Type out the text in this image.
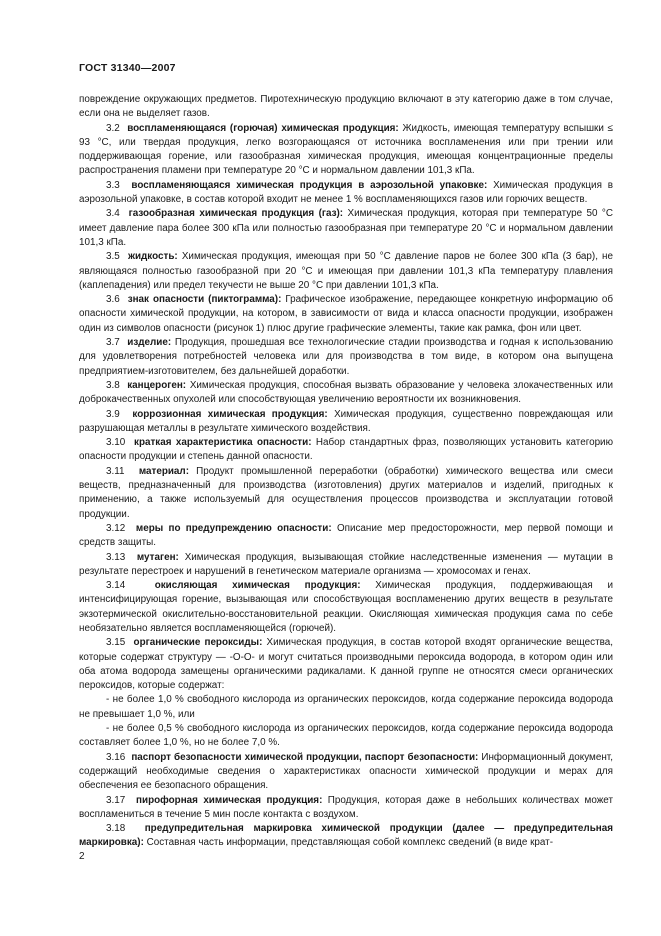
ГОСТ 31340—2007

повреждение окружающих предметов. Пиротехническую продукцию включают в эту категорию даже в том случае, если она не выделяет газов.

3.2 воспламеняющаяся (горючая) химическая продукция: Жидкость, имеющая температуру вспышки ≤ 93 °C, или твердая продукция, легко возгорающаяся от источника воспламенения или при трении или поддерживающая горение, или газообразная химическая продукция, имеющая концентрационные пределы распространения пламени при температуре 20 °С и нормальном давлении 101,3 кПа.

3.3 воспламеняющаяся химическая продукция в аэрозольной упаковке: Химическая продукция в аэрозольной упаковке, в состав которой входит не менее 1 % воспламеняющихся газов или горючих веществ.

3.4 газообразная химическая продукция (газ): Химическая продукция, которая при температуре 50 °С имеет давление пара более 300 кПа или полностью газообразная при температуре 20 °С и нормальном давлении 101,3 кПа.

3.5 жидкость: Химическая продукция, имеющая при 50 °С давление паров не более 300 кПа (3 бар), не являющаяся полностью газообразной при 20 °С и имеющая при давлении 101,3 кПа температуру плавления (каплепадения) или предел текучести не выше 20 °С при давлении 101,3 кПа.

3.6 знак опасности (пиктограмма): Графическое изображение, передающее конкретную информацию об опасности химической продукции, на котором, в зависимости от вида и класса опасности продукции, изображен один из символов опасности (рисунок 1) плюс другие графические элементы, такие как рамка, фон или цвет.

3.7 изделие: Продукция, прошедшая все технологические стадии производства и годная к использованию для удовлетворения потребностей человека или для производства в том виде, в котором она выпущена предприятием-изготовителем, без дальнейшей доработки.

3.8 канцероген: Химическая продукция, способная вызвать образование у человека злокачественных или доброкачественных опухолей или способствующая увеличению вероятности их возникновения.

3.9 коррозионная химическая продукция: Химическая продукция, существенно повреждающая или разрушающая металлы в результате химического воздействия.

3.10 краткая характеристика опасности: Набор стандартных фраз, позволяющих установить категорию опасности продукции и степень данной опасности.

3.11 материал: Продукт промышленной переработки (обработки) химического вещества или смеси веществ, предназначенный для производства (изготовления) других материалов и изделий, пригодных к применению, а также используемый для осуществления процессов производства и эксплуатации готовой продукции.

3.12 меры по предупреждению опасности: Описание мер предосторожности, мер первой помощи и средств защиты.

3.13 мутаген: Химическая продукция, вызывающая стойкие наследственные изменения — мутации в результате перестроек и нарушений в генетическом материале организма — хромосомах и генах.

3.14	окисляющая химическая продукция: Химическая продукция, поддерживающая и интенсифицирующая горение, вызывающая или способствующая воспламенению других веществ в результате экзотермической окислительно-восстановительной реакции. Окисляющая химическая продукция сама по себе необязательно является воспламеняющейся (горючей).

3.15 органические пероксиды: Химическая продукция, в состав которой входят органические вещества, которые содержат структуру — -О-О- и могут считаться производными пероксида водорода, в котором один или оба атома водорода замещены органическими радикалами. К данной группе не относятся смеси органических пероксидов, которые содержат:

- не более 1,0 % свободного кислорода из органических пероксидов, когда содержание пероксида водорода не превышает 1,0 %, или

- не более 0,5 % свободного кислорода из органических пероксидов, когда содержание пероксида водорода составляет более 1,0 %, но не более 7,0 %.

3.16 паспорт безопасности химической продукции, паспорт безопасности: Информационный документ, содержащий необходимые сведения о характеристиках опасности химической продукции и мерах для обеспечения ее безопасного обращения.

3.17 пирофорная химическая продукция: Продукция, которая даже в небольших количествах может воспламениться в течение 5 мин после контакта с воздухом.

3.18 предупредительная маркировка химической продукции (далее — предупредительная маркировка): Составная часть информации, представляющая собой комплекс сведений (в виде крат-

2
